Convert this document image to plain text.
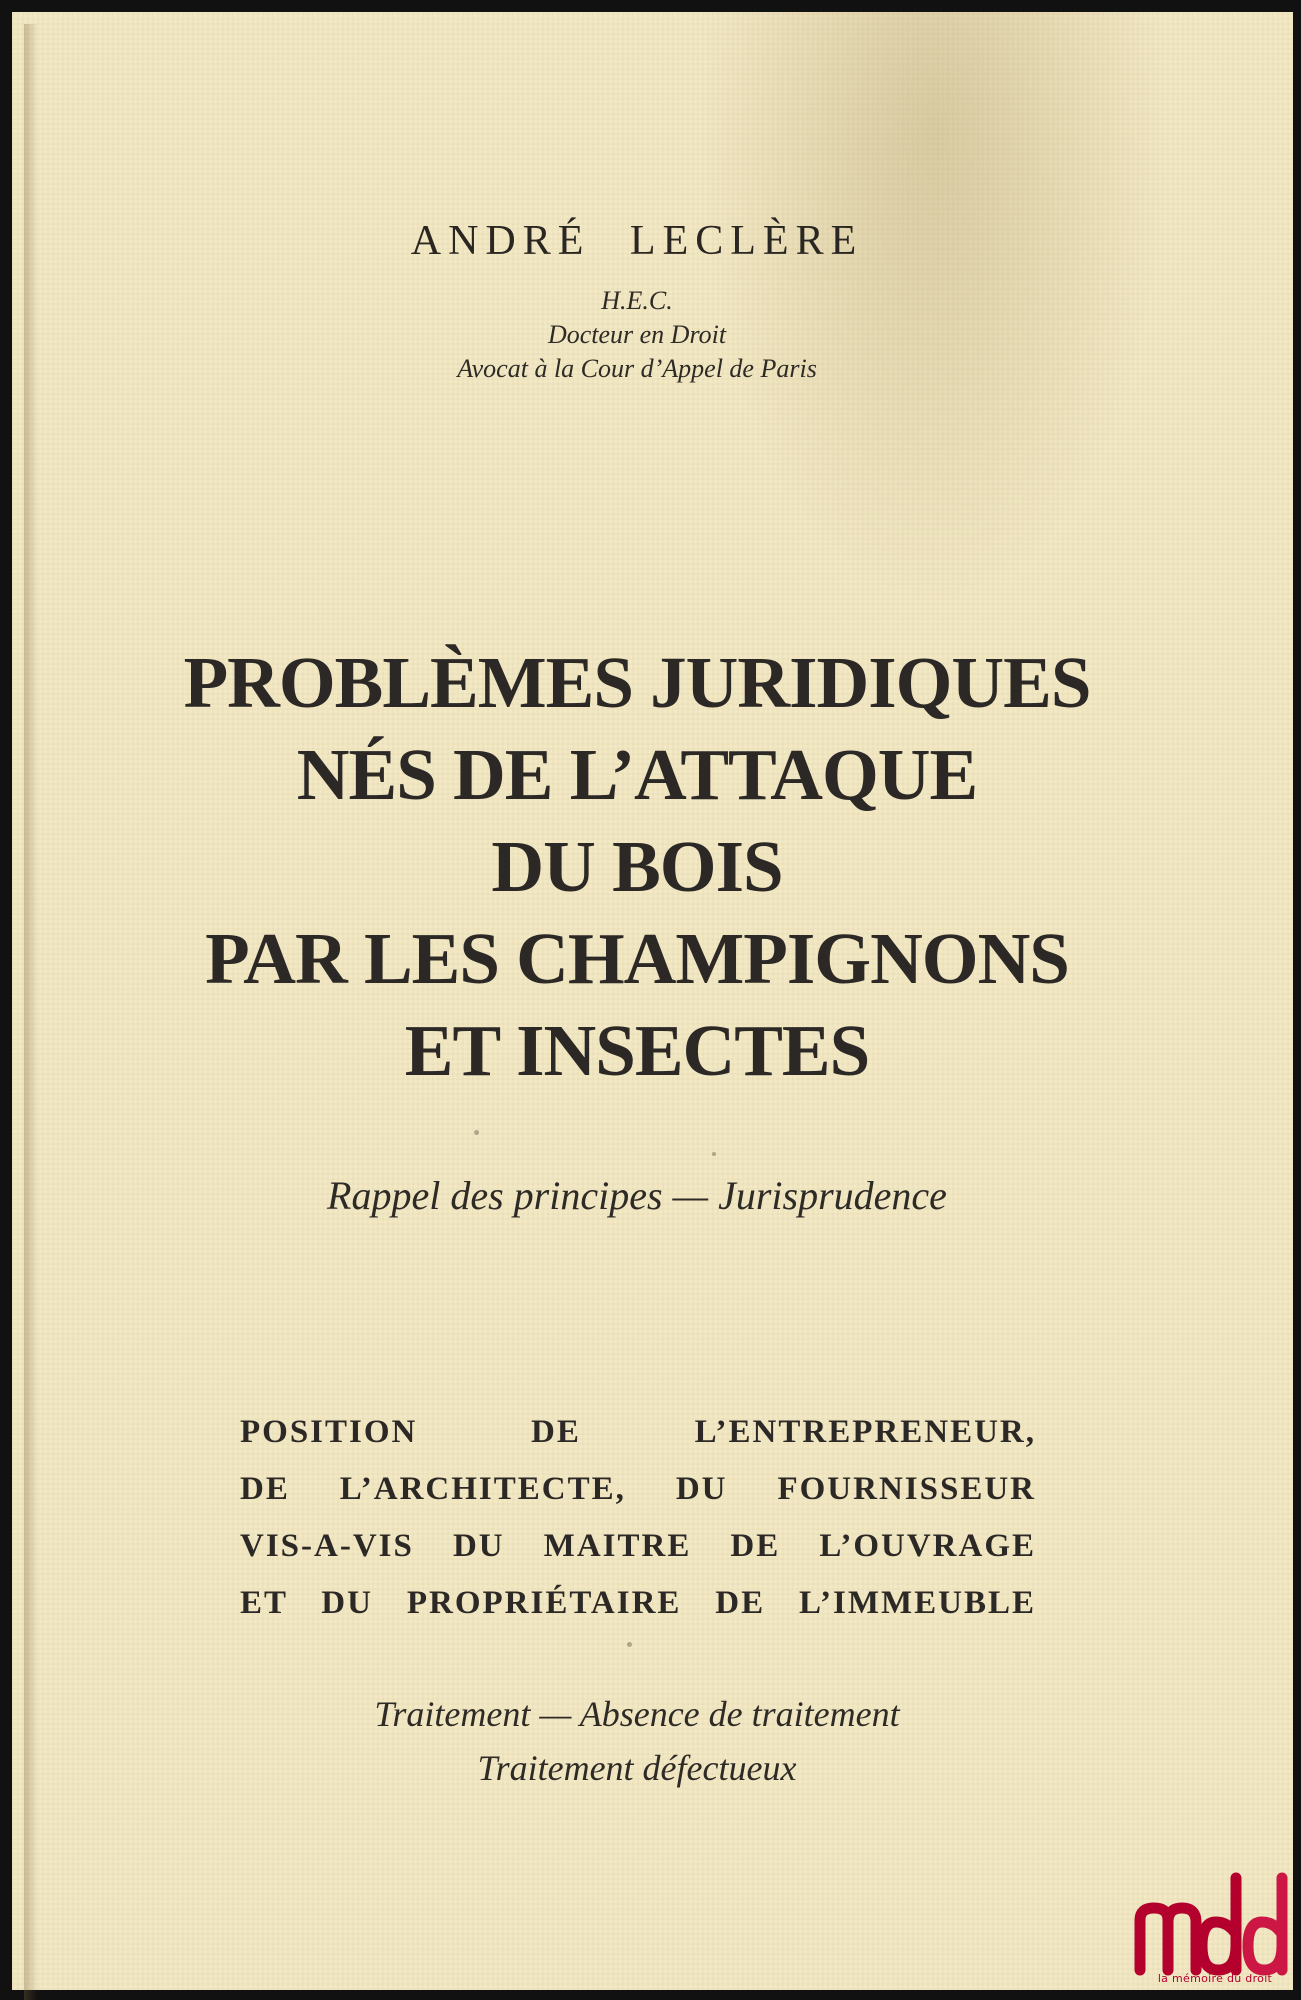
ANDRÉ LECLÈRE
H.E.C.
Docteur en Droit
Avocat à la Cour d’Appel de Paris
PROBLÈMES JURIDIQUES
NÉS DE L’ATTAQUE
DU BOIS
PAR LES CHAMPIGNONS
ET INSECTES
Rappel des principes — Jurisprudence
POSITION DE L’ENTREPRENEUR,
DE L’ARCHITECTE, DU FOURNISSEUR
VIS-A-VIS DU MAITRE DE L’OUVRAGE
ET DU PROPRIÉTAIRE DE L’IMMEUBLE
Traitement — Absence de traitement
Traitement défectueux
la mémoire du droit
